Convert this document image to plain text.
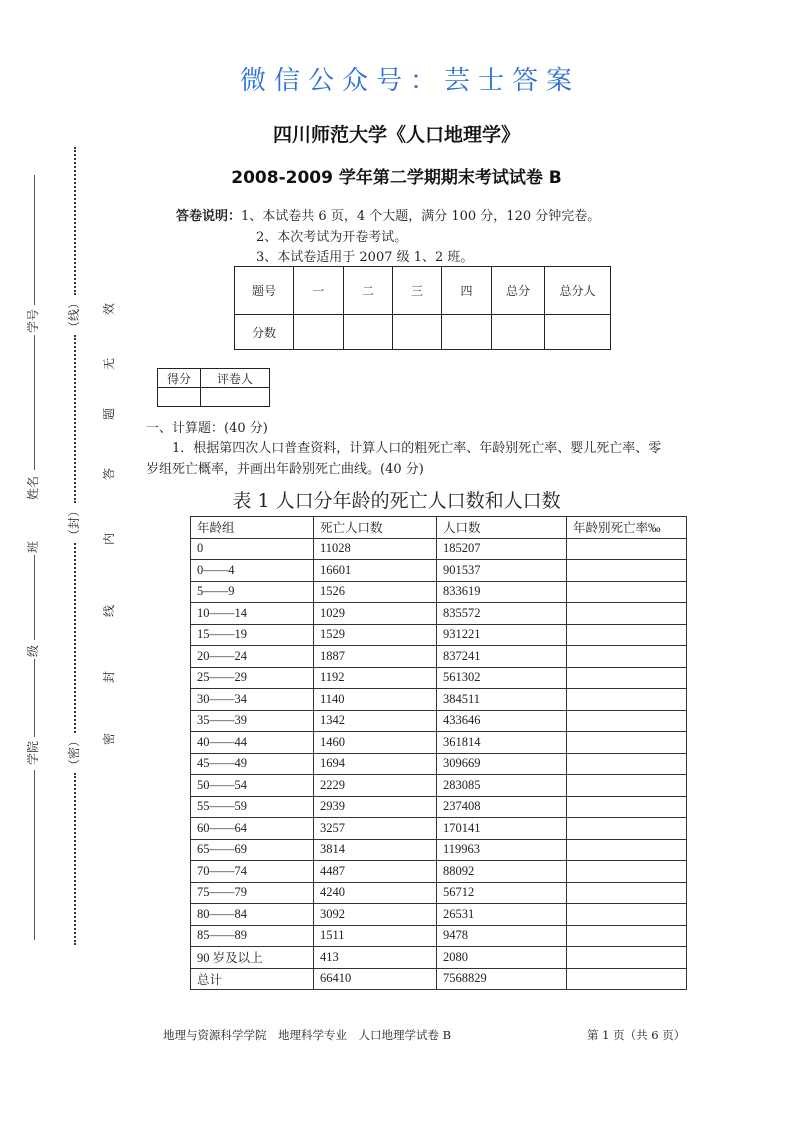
微信公众号：芸士答案
四川师范大学《人口地理学》
2008-2009 学年第二学期期末考试试卷 B
答卷说明：1、本试卷共 6 页，4 个大题，满分 100 分，120 分钟完卷。
2、本次考试为开卷考试。
3、本试卷适用于 2007 级 1、2 班。
题号	一	二	三	四	总分	总分人
分数						
得分	评卷人

一、计算题：(40 分)
1．根据第四次人口普查资料，计算人口的粗死亡率、年龄别死亡率、婴儿死亡率、零
岁组死亡概率，并画出年龄别死亡曲线。(40 分)
表 1 人口分年龄的死亡人口数和人口数
年龄组	死亡人口数	人口数	年龄别死亡率‰
0	11028	185207	
0——4	16601	901537	
5——9	1526	833619	
10——14	1029	835572	
15——19	1529	931221	
20——24	1887	837241	
25——29	1192	561302	
30——34	1140	384511	
35——39	1342	433646	
40——44	1460	361814	
45——49	1694	309669	
50——54	2229	283085	
55——59	2939	237408	
60——64	3257	170141	
65——69	3814	119963	
70——74	4487	88092	
75——79	4240	56712	
80——84	3092	26531	
85——89	1511	9478	
90 岁及以上	413	2080	
总计	66410	7568829	
学院
级
班
姓名
学号
（密）
（封）
（线）
密
封
线
内
答
题
无
效
地理与资源科学学院　地理科学专业　人口地理学试卷 B	第 1 页（共 6 页）
